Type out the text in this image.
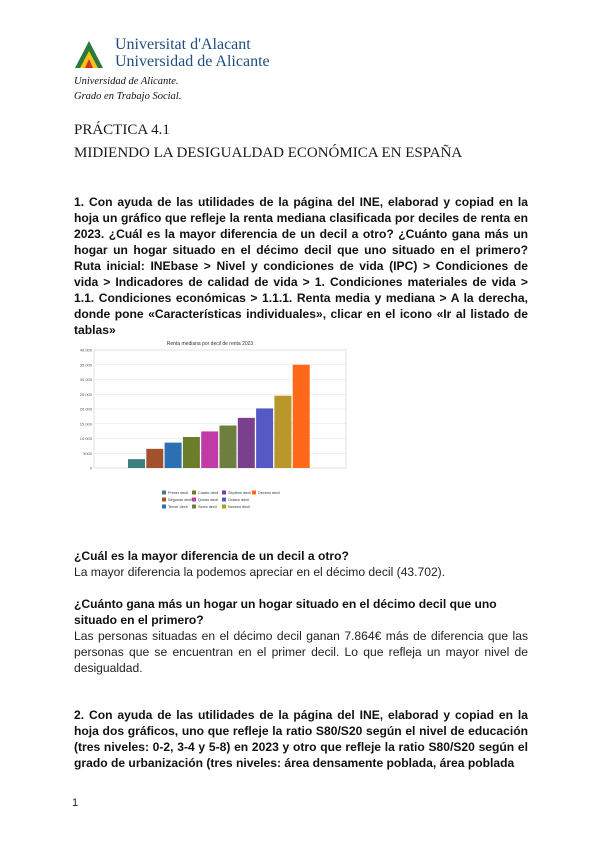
Universitat d'Alacant
Universidad de Alicante
Universidad de Alicante.
Grado en Trabajo Social.
PRÁCTICA 4.1
MIDIENDO LA DESIGUALDAD ECONÓMICA EN ESPAÑA
1. Con ayuda de las utilidades de la página del INE, elaborad y copiad en la hoja un gráfico que refleje la renta mediana clasificada por deciles de renta en 2023. ¿Cuál es la mayor diferencia de un decil a otro? ¿Cuánto gana más un hogar un hogar situado en el décimo decil que uno situado en el primero? Ruta inicial: INEbase > Nivel y condiciones de vida (IPC) > Condiciones de vida > Indicadores de calidad de vida > 1. Condiciones materiales de vida > 1.1. Condiciones económicas > 1.1.1. Renta media y mediana > A la derecha, donde pone «Características individuales», clicar en el icono «Ir al listado de tablas»
Renta mediana por decil de renta 2023
0
5000
10.000
15.000
20.000
25.000
30.000
35.000
40.000
Primer decil
Segundo decil
Tercer decil
Cuarto decil
Quinto decil
Sexto decil
Séptimo decil
Octavo decil
Noveno decil
Décimo decil
¿Cuál es la mayor diferencia de un decil a otro?
La mayor diferencia la podemos apreciar en el décimo decil (43.702).
¿Cuánto gana más un hogar un hogar situado en el décimo decil que uno situado en el primero?
Las personas situadas en el décimo decil ganan 7.864€ más de diferencia que las personas que se encuentran en el primer decil. Lo que refleja un mayor nivel de desigualdad.
2. Con ayuda de las utilidades de la página del INE, elaborad y copiad en la hoja dos gráficos, uno que refleje la ratio S80/S20 según el nivel de educación (tres niveles: 0-2, 3-4 y 5-8) en 2023 y otro que refleje la ratio S80/S20 según el grado de urbanización (tres niveles: área densamente poblada, área poblada
1
